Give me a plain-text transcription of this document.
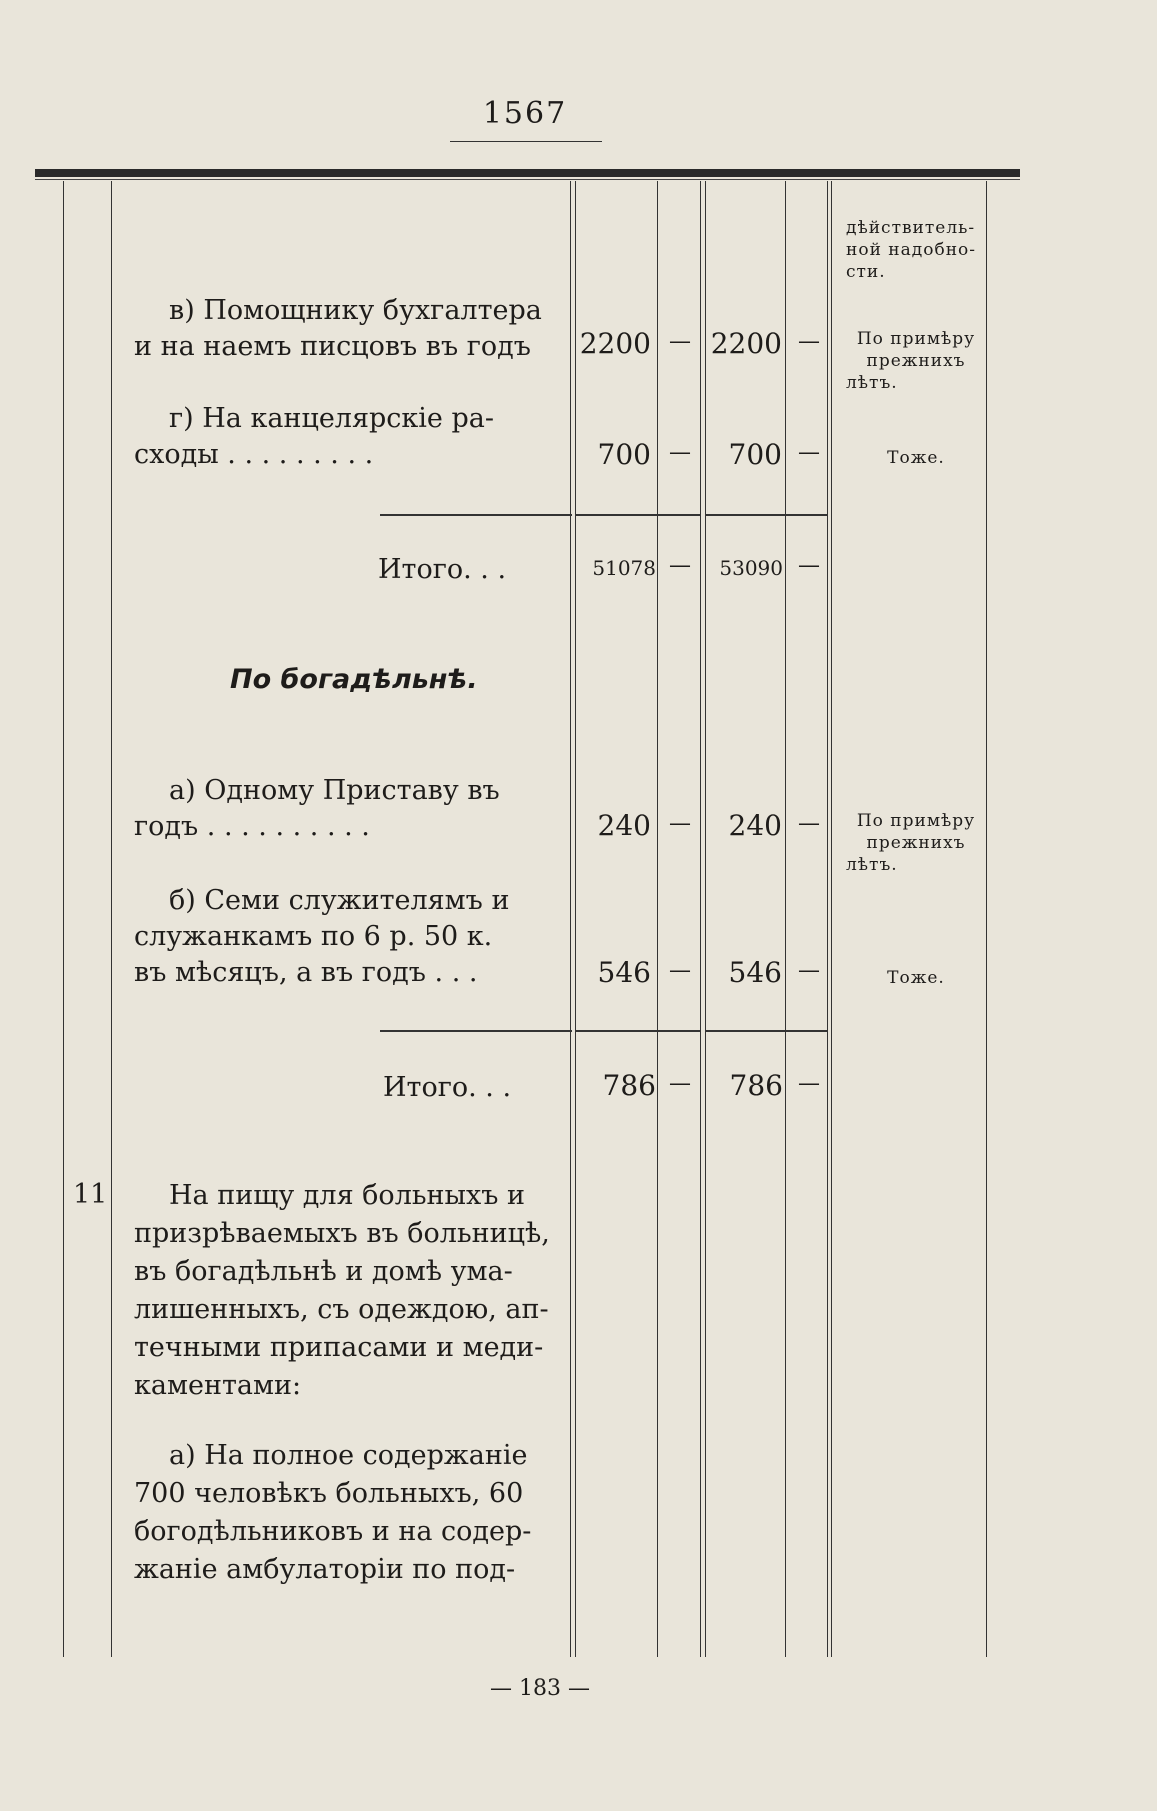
1567
дѣйствитель-
ной надобно-
сти.
в) Помощнику бухгалтера
и на наемъ писцовъ въ годъ	2200 — 2200 —	По примѣру
прежнихъ
лѣтъ.
г) На канцелярскіе ра-
сходы . . . . . . . . .	700 —	700 —	Тоже.
Итого. . .	51078 —	53090 —
По богадѣльнѣ.
а) Одному Приставу въ
годъ . . . . . . . . . .	240 —	240 —	По примѣру
прежнихъ
лѣтъ.
б) Семи служителямъ и
служанкамъ по 6 р. 50 к.
въ мѣсяцъ, а въ годъ . . .	546 —	546 —	Тоже.
Итого. . .	786 —	786 —
11	На пищу для больныхъ и
призрѣваемыхъ въ больницѣ,
въ богадѣльнѣ и домѣ ума-
лишенныхъ, съ одеждою, ап-
течными припасами и меди-
каментами:
а) На полное содержаніе
700 человѣкъ больныхъ, 60
богодѣльниковъ и на содер-
жаніе амбулаторіи по под-
— 183 —
